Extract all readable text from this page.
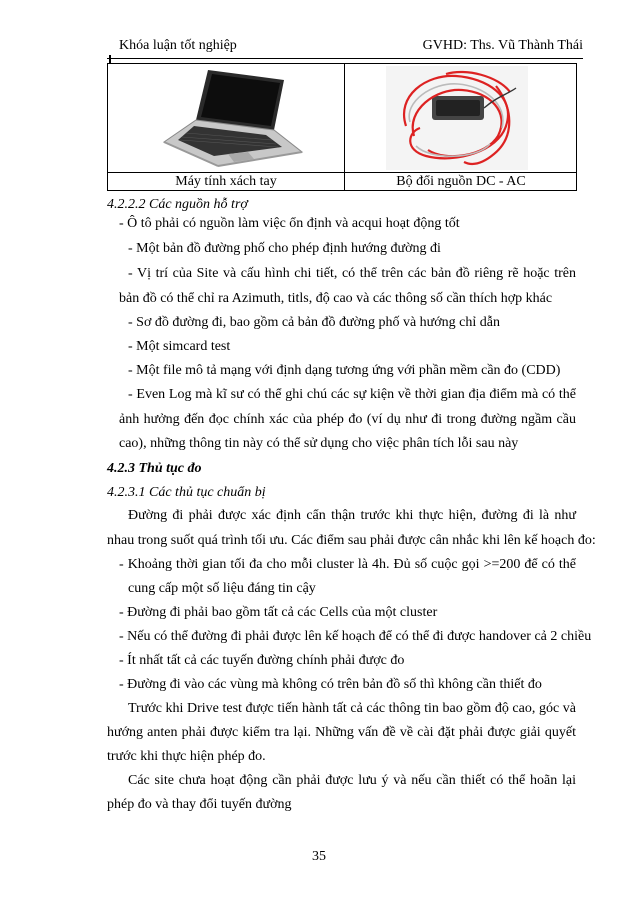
Khóa luận tốt nghiệp	GVHD: Ths. Vũ Thành Thái
Máy tính xách tay	Bộ đổi nguồn DC - AC
4.2.2.2 Các nguồn hỗ trợ
- Ô tô phải có nguồn làm việc ổn định và acqui hoạt động tốt
- Một bản đồ đường phố cho phép định hướng đường đi
- Vị trí của Site và cấu hình chi tiết, có thể trên các bản đồ riêng rẽ hoặc trên
bản đồ có thể chỉ ra Azimuth, titls, độ cao và các thông số cần thích hợp khác
- Sơ đồ đường đi, bao gồm cả bản đồ đường phố và hướng chỉ dẫn
- Một simcard test
- Một file mô tả mạng với định dạng tương ứng với phần mềm cần đo (CDD)
- Even Log mà kĩ sư có thể ghi chú các sự kiện về thời gian địa điểm mà có thể
ảnh hưởng đến đọc chính xác của phép đo (ví dụ như đi trong đường ngầm cầu
cao), những thông tin này có thể sử dụng cho việc phân tích lỗi sau này
4.2.3 Thủ tục đo
4.2.3.1 Các thủ tục chuẩn bị
Đường đi phải được xác định cẩn thận trước khi thực hiện, đường đi là như
nhau trong suốt quá trình tối ưu. Các điểm sau phải được cân nhắc khi lên kế hoạch đo:
- Khoảng thời gian tối đa cho mỗi cluster là 4h. Đủ số cuộc gọi >=200 để có thể
cung cấp một số liệu đáng tin cậy
- Đường đi phải bao gồm tất cả các Cells của một cluster
- Nếu có thể đường đi phải được lên kế hoạch để có thể đi được handover cả 2 chiều
- Ít nhất tất cả các tuyến đường chính phải được đo
- Đường đi vào các vùng mà không có trên bản đồ số thì không cần thiết đo
Trước khi Drive test được tiến hành tất cả các thông tin bao gồm độ cao, góc và
hướng anten phải được kiểm tra lại. Những vấn đề về cài đặt phải được giải quyết
trước khi thực hiện phép đo.
Các site chưa hoạt động cần phải được lưu ý và nếu cần thiết có thể hoãn lại
phép đo và thay đổi tuyến đường
35
